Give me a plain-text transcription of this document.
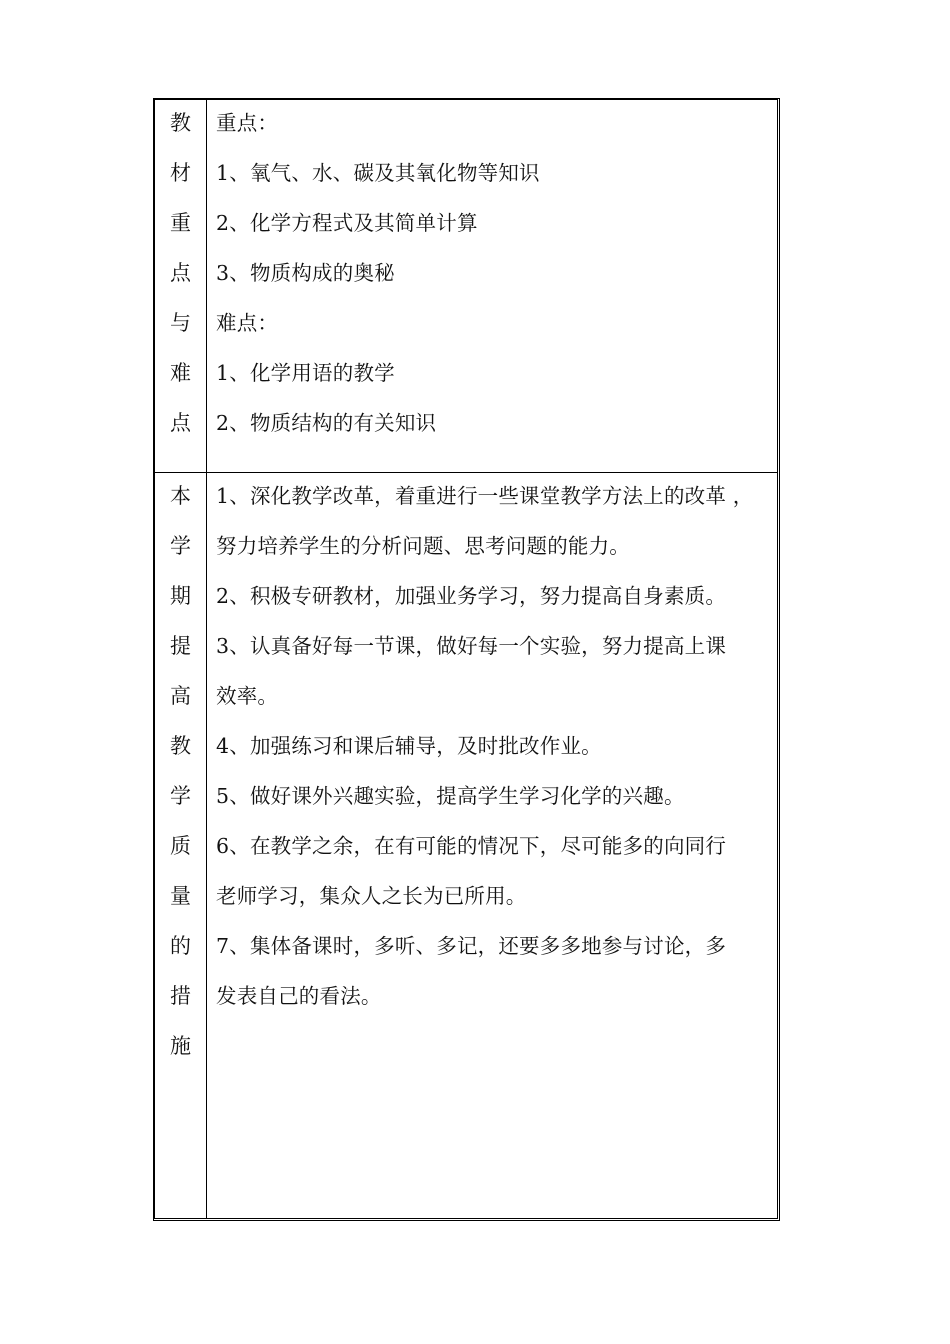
教
材
重
点
与
难
点
重点：
1、氧气、水、碳及其氧化物等知识
2、化学方程式及其简单计算
3、物质构成的奥秘
难点：
1、化学用语的教学
2、物质结构的有关知识
本
学
期
提
高
教
学
质
量
的
措
施
1、深化教学改革，着重进行一些课堂教学方法上的改革 ，
努力培养学生的分析问题、思考问题的能力。
2、积极专研教材，加强业务学习，努力提高自身素质。
3、认真备好每一节课，做好每一个实验，努力提高上课
效率。
4、加强练习和课后辅导，及时批改作业。
5、做好课外兴趣实验，提高学生学习化学的兴趣。
6、在教学之余，在有可能的情况下，尽可能多的向同行
老师学习，集众人之长为已所用。
7、集体备课时，多听、多记，还要多多地参与讨论，多
发表自己的看法。
